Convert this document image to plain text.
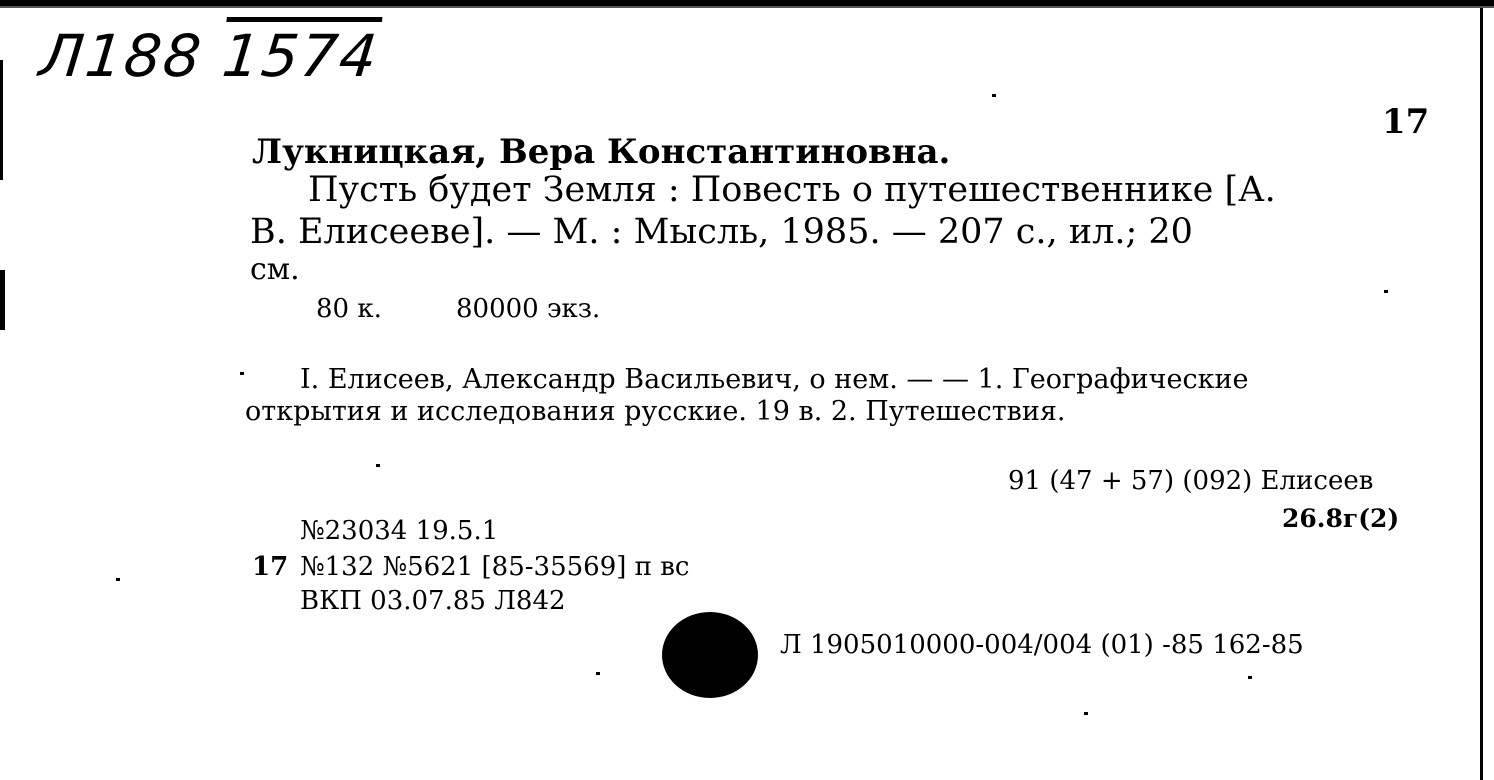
Л188 1574
17
Лукницкая, Вера Константиновна.
Пусть будет Земля : Повесть о путешественнике [А.
В. Елисееве]. — М. : Мысль, 1985. — 207 с., ил.; 20
см.
80 к.	80000 экз.
I. Елисеев, Александр Васильевич, о нем. — — 1. Географические
открытия и исследования русские. 19 в. 2. Путешествия.
91 (47 + 57) (092) Елисеев
26.8г(2)
№23034 19.5.1
17 №132 №5621 [85-35569] п вс
ВКП 03.07.85 Л842
Л 1905010000-004/004 (01) -85 162-85
